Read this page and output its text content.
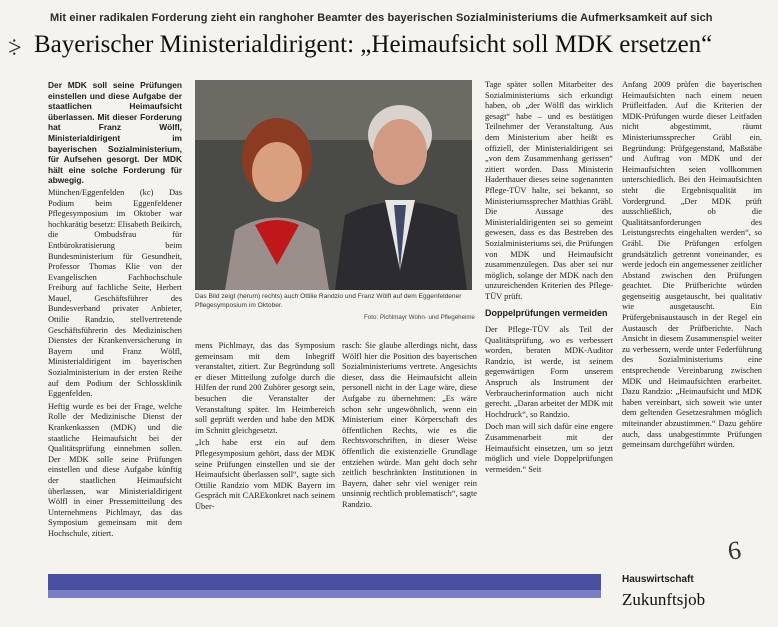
Mit einer radikalen Forderung zieht ein ranghoher Beamter des bayerischen Sozialministeriums die Aufmerksamkeit auf sich
⸖ Bayerischer Ministerialdirigent: „Heimaufsicht soll MDK ersetzen“

Der MDK soll seine Prüfungen einstellen und diese Aufgabe der staatlichen Heimaufsicht überlassen. Mit dieser Forderung hat Franz Wölfl, Ministerialdirigent im bayerischen Sozialministerium, für Aufsehen gesorgt. Der MDK hält eine solche Forderung für abwegig.

München/Eggenfelden (kc) Das Podium beim Eggenfeldener Pflegesymposium im Oktober war hochkarätig besetzt: Elisabeth Beikirch, die Ombudsfrau für Entbürokratisierung beim Bundesministerium für Gesundheit, Professor Thomas Klie von der Evangelischen Fachhochschule Freiburg auf fachliche Seite, Herbert Mauel, Geschäftsführer des Bundesverband privater Anbieter, Ottilie Randzio, stellvertretende Geschäftsführerin des Medizinischen Dienstes der Krankenversicherung in Bayern und Franz Wölfl, Ministerialdirigent im bayerischen Sozialministerium in der ersten Reihe auf dem Podium der Schlossklinik Eggenfelden.

Heftig wurde es bei der Frage, welche Rolle der Medizinische Dienst der Krankenkassen (MDK) und die staatliche Heimaufsicht bei der Qualitätsprüfung einnehmen sollen. Der MDK solle seine Prüfungen einstellen und diese Aufgabe künftig der staatlichen Heimaufsicht überlassen, war Ministerialdirigent Wölfl in einer Pressemitteilung des Unternehmens Pichlmayr, das das Symposium gemeinsam mit dem Hochschule, zitiert.

Das Bild zeigt (herum) rechts) auch Ottilie Randzio und Franz Wölfl auf dem Eggenfeldener Pflegesymposium im Oktober.
Foto: Pichlmayr Wohn- und Pflegeheime

mens Pichlmayr, das das Symposium gemeinsam mit dem Inbegriff veranstaltet, zitiert. Zur Begründung soll er dieser Mitteilung zufolge durch die Hilfen der rund 200 Zuhörer gesorgt sein, besuchen die Veranstalter der Veranstaltung später. Im Heimbereich soll geprüft werden und habe den MDK im Schnitt gleichgesetzt.

„Ich habe erst ein auf dem Pflegesymposium gehört, dass der MDK seine Prüfungen einstellen und sie der Heimaufsicht überlassen soll“, sagte sich Ottilie Randzio vom MDK Bayern im Gespräch mit CAREkonkret nach seinem Über-

rasch: Sie glaube allerdings nicht, dass Wölfl hier die Position des bayerischen Sozialministeriums vertrete. Angesichts dieser, dass die Heimaufsicht allein personell nicht in der Lage wäre, diese Aufgabe zu übernehmen: „Es wäre schon sehr ungewöhnlich, wenn ein Ministerium einer Körperschaft des öffentlichen Rechts, wie es die Rechtsvorschriften, in dieser Weise öffentlich die existenzielle Grundlage entziehen würde. Man geht doch sehr zeitlich beschränkten Institutionen in Bayern, daher sehr viel weniger rein unsinnig rechtlich problematisch“, sagte Randzio.

Tage später sollen Mitarbeiter des Sozialministeriums sich erkundigt haben, ob „der Wölfl das wirklich gesagt“ habe – und es bestätigen Teilnehmer der Veranstaltung. Aus dem Ministerium aber heißt es offiziell, der Ministerialdirigent sei „von dem Zusammenhang gerissen“ zitiert worden. Dass Ministerin Haderthauer dieses seine sogenannten Pflege-TÜV halte, sei bekannt, so Ministeriumssprecher Matthias Gräbl. Die Aussage des Ministerialdirigenten sei so gemeint gewesen, dass es das Bestreben des Sozialministeriums sei, die Prüfungen von MDK und Heimaufsicht zusammenzulegen. Das aber sei nur möglich, solange der MDK nach den unzureichenden Kriterien des Pflege-TÜV prüft.

Doppelprüfungen vermeiden

Der Pflege-TÜV als Teil der Qualitätsprüfung, wo es verbessert worden, beraten MDK-Auditor Randzio, ist werde, ist seinem gegenwärtigen Form unserem Anspruch als Instrument der Verbraucherinformation auch nicht gerecht. „Daran arbeitet der MDK mit Hochdruck“, so Randzio.

Doch man will sich dafür eine engere Zusammenarbeit mit der Heimaufsicht einsetzen, um so jetzt möglich und viele Doppelprüfungen vermeiden.“ Seit

Anfang 2009 prüfen die bayerischen Heimaufsichten nach einem neuen Prüfleitfaden. Auf die Kriterien der MDK-Prüfungen wurde dieser Leitfaden nicht abgestimmt, räumt Ministeriumssprecher Gräbl ein. Begründung: Prüfgegenstand, Maßstäbe und Auftrag von MDK und der Heimaufsichten seien vollkommen unterschiedlich. Bei den Heimaufsichten steht die Ergebnisqualität im Vordergrund. „Der MDK prüft ausschließlich, ob die Qualitätsanforderungen des Leistungsrechts eingehalten werden“, so Gräbl. Die Prüfungen erfolgen grundsätzlich getrennt voneinander, es werde jedoch ein angemessener zeitlicher Abstand zwischen den Prüfungen geachtet. Die Prüfberichte würden gegenseitig ausgetauscht, bei qualitativ wie ausgetauscht. Ein Prüfergebnisaustausch in der Regel ein Austausch der Prüfberichte. Nach Ansicht in diesem Zusammenspiel weiter zu verbessern, werde unter Federführung des Sozialministeriums eine entsprechende Vereinbarung zwischen MDK und Heimaufsichten erarbeitet. Dazu Randzio: „Heimaufsicht und MDK haben vereinbart, sich soweit wie unter dem geltenden Gesetzesrahmen möglich miteinander abzustimmen.“ Dazu gehöre auch, dass unabgestimmte Prüfungen gemeinsam durchgeführt würden.

Hauswirtschaft
Zukunftsjob
6
